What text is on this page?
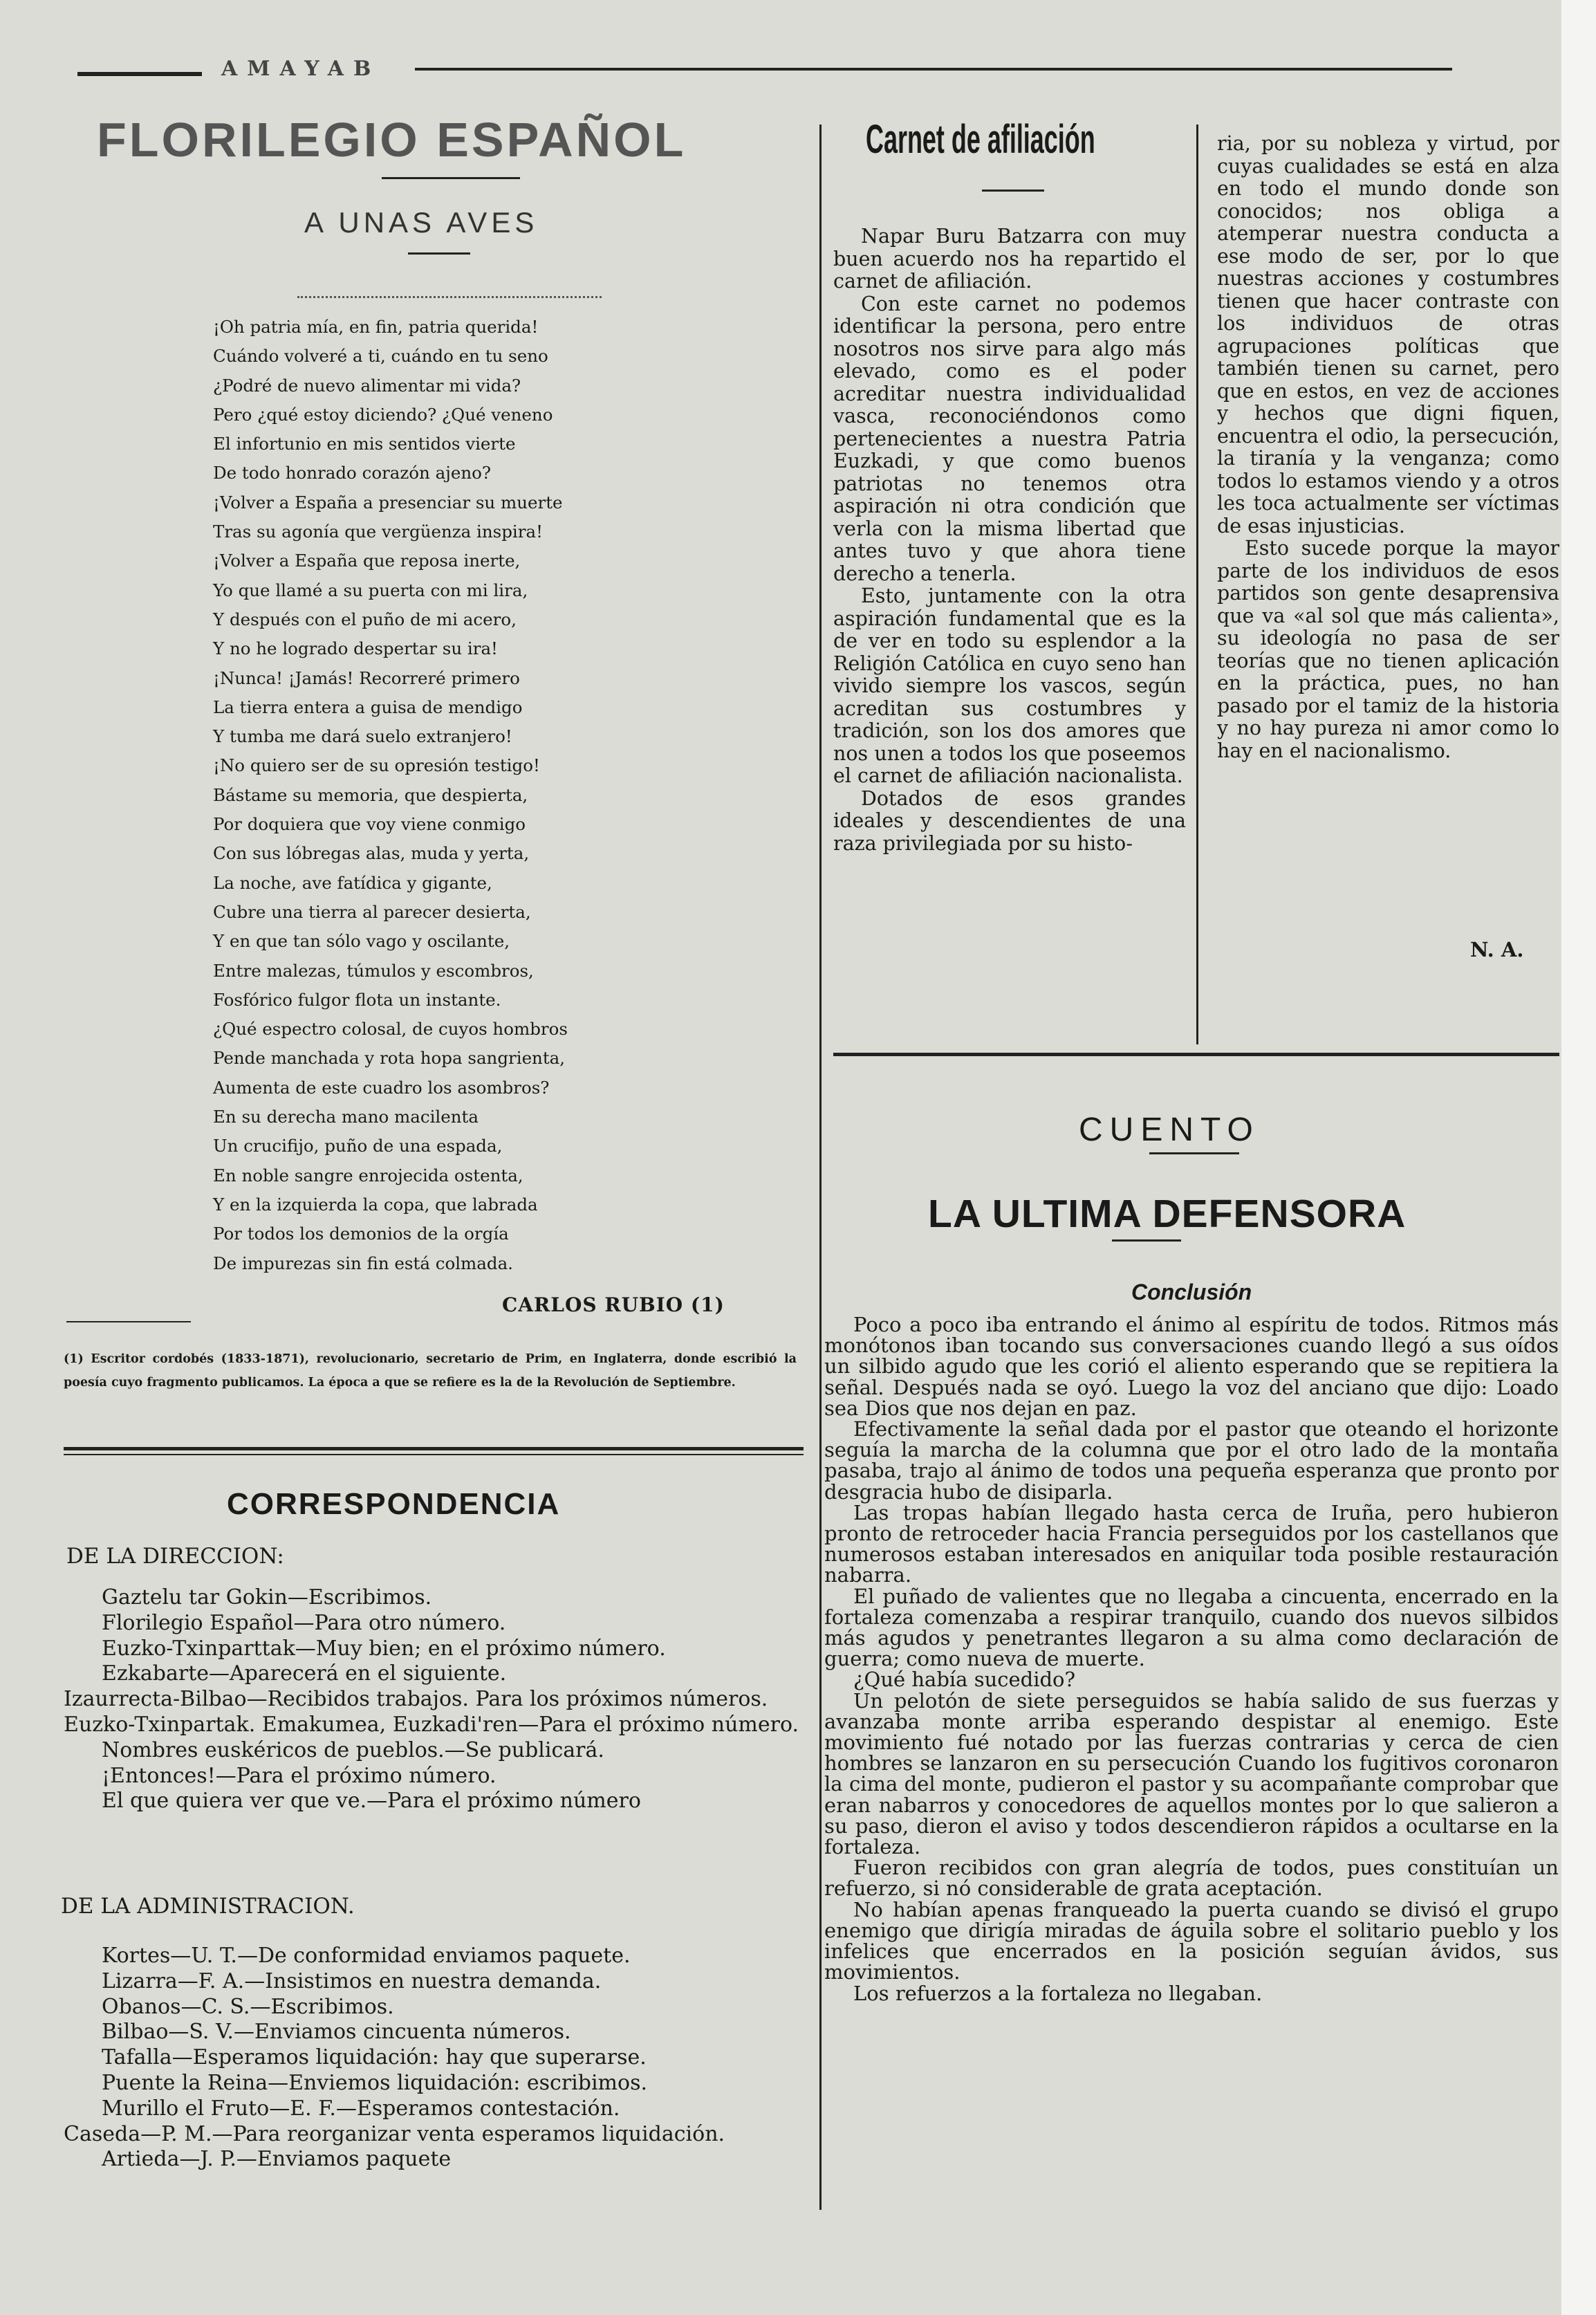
AMAYAB
FLORILEGIO ESPAÑOL
A UNAS AVES
¡Oh patria mía, en fin, patria querida!
Cuándo volveré a ti, cuándo en tu seno
¿Podré de nuevo alimentar mi vida?
Pero ¿qué estoy diciendo? ¿Qué veneno
El infortunio en mis sentidos vierte
De todo honrado corazón ajeno?
¡Volver a España a presenciar su muerte
Tras su agonía que vergüenza inspira!
¡Volver a España que reposa inerte,
Yo que llamé a su puerta con mi lira,
Y después con el puño de mi acero,
Y no he logrado despertar su ira!
¡Nunca! ¡Jamás! Recorreré primero
La tierra entera a guisa de mendigo
Y tumba me dará suelo extranjero!
¡No quiero ser de su opresión testigo!
Bástame su memoria, que despierta,
Por doquiera que voy viene conmigo
Con sus lóbregas alas, muda y yerta,
La noche, ave fatídica y gigante,
Cubre una tierra al parecer desierta,
Y en que tan sólo vago y oscilante,
Entre malezas, túmulos y escombros,
Fosfórico fulgor flota un instante.
¿Qué espectro colosal, de cuyos hombros
Pende manchada y rota hopa sangrienta,
Aumenta de este cuadro los asombros?
En su derecha mano macilenta
Un crucifijo, puño de una espada,
En noble sangre enrojecida ostenta,
Y en la izquierda la copa, que labrada
Por todos los demonios de la orgía
De impurezas sin fin está colmada.
CARLOS RUBIO (1)
(1) Escritor cordobés (1833-1871), revolucionario, secretario de Prim, en Inglaterra, donde escribió la poesía cuyo fragmento publicamos. La época a que se refiere es la de la Revolución de Septiembre.
CORRESPONDENCIA
DE LA DIRECCION:
Gaztelu tar Gokin—Escribimos.
Florilegio Español—Para otro número.
Euzko-Txinparttak—Muy bien; en el próximo número.
Ezkabarte—Aparecerá en el siguiente.
Izaurrecta-Bilbao—Recibidos trabajos. Para los próximos números.
Euzko-Txinpartak. Emakumea, Euzkadi'ren—Para el próximo número.
Nombres euskéricos de pueblos.—Se publicará.
¡Entonces!—Para el próximo número.
El que quiera ver que ve.—Para el próximo número
DE LA ADMINISTRACION.
Kortes—U. T.—De conformidad enviamos paquete.
Lizarra—F. A.—Insistimos en nuestra demanda.
Obanos—C. S.—Escribimos.
Bilbao—S. V.—Enviamos cincuenta números.
Tafalla—Esperamos liquidación: hay que superarse.
Puente la Reina—Enviemos liquidación: escribimos.
Murillo el Fruto—E. F.—Esperamos contestación.
Caseda—P. M.—Para reorganizar venta esperamos liquidación.
Artieda—J. P.—Enviamos paquete
Carnet de afiliación

Napar Buru Batzarra con muy buen acuerdo nos ha repartido el carnet de afiliación.

Con este carnet no podemos identificar la persona, pero entre nosotros nos sirve para algo más elevado, como es el poder acreditar nuestra individualidad vasca, reconociéndonos como pertenecientes a nuestra Patria Euzkadi, y que como buenos patriotas no tenemos otra aspiración ni otra condición que verla con la misma libertad que antes tuvo y que ahora tiene derecho a tenerla.

Esto, juntamente con la otra aspiración fundamental que es la de ver en todo su esplendor a la Religión Católica en cuyo seno han vivido siempre los vascos, según acreditan sus costumbres y tradición, son los dos amores que nos unen a todos los que poseemos el carnet de afiliación nacionalista.

Dotados de esos grandes ideales y descendientes de una raza privilegiada por su histo-

ria, por su nobleza y virtud, por cuyas cualidades se está en alza en todo el mundo donde son conocidos; nos obliga a atemperar nuestra conducta a ese modo de ser, por lo que nuestras acciones y costumbres tienen que hacer contraste con los individuos de otras agrupaciones políticas que también tienen su carnet, pero que en estos, en vez de acciones y hechos que digni fiquen, encuentra el odio, la persecución, la tiranía y la venganza; como todos lo estamos viendo y a otros les toca actualmente ser víctimas de esas injusticias.

Esto sucede porque la mayor parte de los individuos de esos partidos son gente desaprensiva que va «al sol que más calienta», su ideología no pasa de ser teorías que no tienen aplicación en la práctica, pues, no han pasado por el tamiz de la historia y no hay pureza ni amor como lo hay en el nacionalismo.

N. A.
CUENTO
LA ULTIMA DEFENSORA
Conclusión

Poco a poco iba entrando el ánimo al espíritu de todos. Ritmos más monótonos iban tocando sus conversaciones cuando llegó a sus oídos un silbido agudo que les corió el aliento esperando que se repitiera la señal. Después nada se oyó. Luego la voz del anciano que dijo: Loado sea Dios que nos dejan en paz.

Efectivamente la señal dada por el pastor que oteando el horizonte seguía la marcha de la columna que por el otro lado de la montaña pasaba, trajo al ánimo de todos una pequeña esperanza que pronto por desgracia hubo de disiparla.

Las tropas habían llegado hasta cerca de Iruña, pero hubieron pronto de retroceder hacia Francia perseguidos por los castellanos que numerosos estaban interesados en aniquilar toda posible restauración nabarra.

El puñado de valientes que no llegaba a cincuenta, encerrado en la fortaleza comenzaba a respirar tranquilo, cuando dos nuevos silbidos más agudos y penetrantes llegaron a su alma como declaración de guerra; como nueva de muerte.

¿Qué había sucedido?

Un pelotón de siete perseguidos se había salido de sus fuerzas y avanzaba monte arriba esperando despistar al enemigo. Este movimiento fué notado por las fuerzas contrarias y cerca de cien hombres se lanzaron en su persecución Cuando los fugitivos coronaron la cima del monte, pudieron el pastor y su acompañante comprobar que eran nabarros y conocedores de aquellos montes por lo que salieron a su paso, dieron el aviso y todos descendieron rápidos a ocultarse en la fortaleza.

Fueron recibidos con gran alegría de todos, pues constituían un refuerzo, si nó considerable de grata aceptación.

No habían apenas franqueado la puerta cuando se divisó el grupo enemigo que dirigía miradas de águila sobre el solitario pueblo y los infelices que encerrados en la posición seguían ávidos, sus movimientos.

Los refuerzos a la fortaleza no llegaban.
